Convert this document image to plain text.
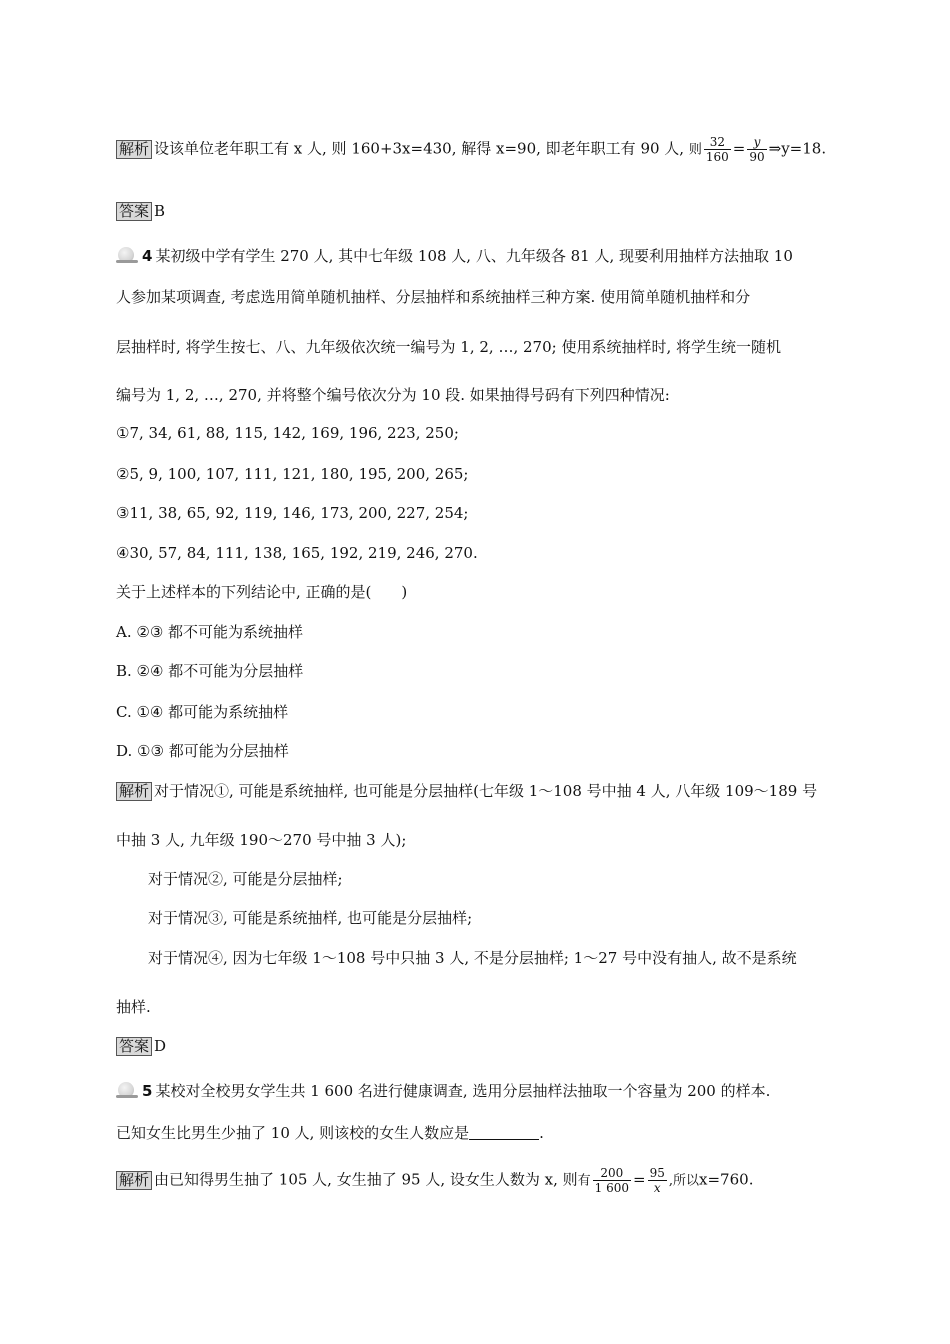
解析 设该单位老年职工有 x 人, 则 160+3x=430, 解得 x=90, 即老年职工有 90 人, 则 $\frac{32}{160} = \frac{y}{90}$ ⇒y=18.
答案 B
4 某初级中学有学生 270 人, 其中七年级 108 人, 八、九年级各 81 人, 现要利用抽样方法抽取 10
人参加某项调查, 考虑选用简单随机抽样、分层抽样和系统抽样三种方案. 使用简单随机抽样和分
层抽样时, 将学生按七、八、九年级依次统一编号为 1, 2, …, 270; 使用系统抽样时, 将学生统一随机
编号为 1, 2, …, 270, 并将整个编号依次分为 10 段. 如果抽得号码有下列四种情况:
①7, 34, 61, 88, 115, 142, 169, 196, 223, 250;
②5, 9, 100, 107, 111, 121, 180, 195, 200, 265;
③11, 38, 65, 92, 119, 146, 173, 200, 227, 254;
④30, 57, 84, 111, 138, 165, 192, 219, 246, 270.
关于上述样本的下列结论中, 正确的是(　　)
A. ②③ 都不可能为系统抽样
B. ②④ 都不可能为分层抽样
C. ①④ 都可能为系统抽样
D. ①③ 都可能为分层抽样
解析 对于情况①, 可能是系统抽样, 也可能是分层抽样(七年级 1～108 号中抽 4 人, 八年级 109～189 号
中抽 3 人, 九年级 190～270 号中抽 3 人);
对于情况②, 可能是分层抽样;
对于情况③, 可能是系统抽样, 也可能是分层抽样;
对于情况④, 因为七年级 1～108 号中只抽 3 人, 不是分层抽样; 1～27 号中没有抽人, 故不是系统
抽样.
答案 D
5 某校对全校男女学生共 1 600 名进行健康调查, 选用分层抽样法抽取一个容量为 200 的样本.
已知女生比男生少抽了 10 人, 则该校的女生人数应是	.
解析 由已知得男生抽了 105 人, 女生抽了 95 人, 设女生人数为 x, 则有 $\frac{200}{1 600} = \frac{95}{x}$ ,所以x=760.
